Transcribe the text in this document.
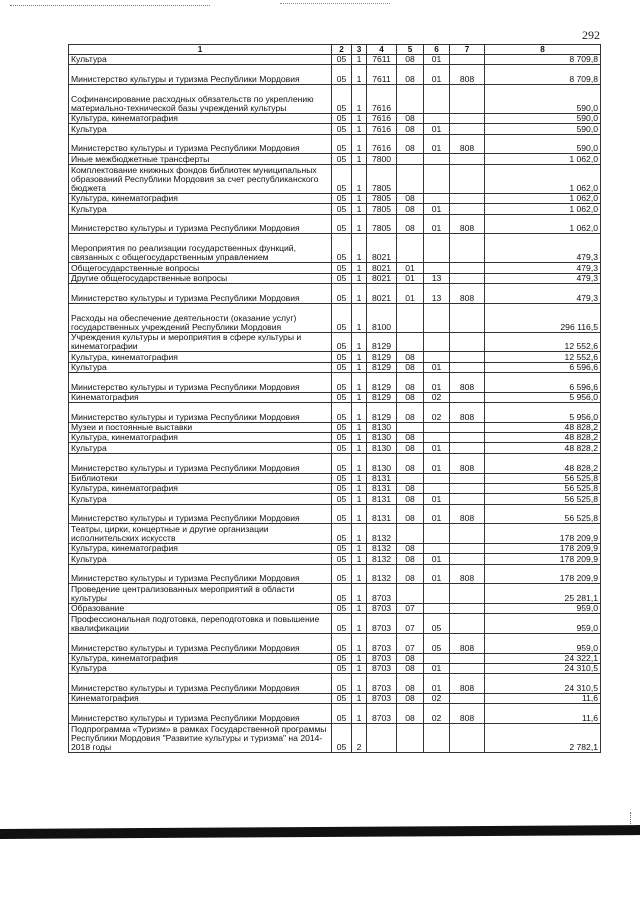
292
1	2	3	4	5	6	7	8
Культура	05	1	7611	08	01		8 709,8
Министерство культуры и туризма Республики Мордовия	05	1	7611	08	01	808	8 709,8
Софинансирование расходных обязательств по укреплению материально-технической базы учреждений культуры	05	1	7616				590,0
Культура, кинематография	05	1	7616	08			590,0
Культура	05	1	7616	08	01		590,0
Министерство культуры и туризма Республики Мордовия	05	1	7616	08	01	808	590,0
Иные межбюджетные трансферты	05	1	7800				1 062,0
Комплектование книжных фондов библиотек муниципальных образований Республики Мордовия за счет республиканского бюджета	05	1	7805				1 062,0
Культура, кинематография	05	1	7805	08			1 062,0
Культура	05	1	7805	08	01		1 062,0
Министерство культуры и туризма Республики Мордовия	05	1	7805	08	01	808	1 062,0
Мероприятия по реализации государственных функций, связанных с общегосударственным управлением	05	1	8021				479,3
Общегосударственные вопросы	05	1	8021	01			479,3
Другие общегосударственные вопросы	05	1	8021	01	13		479,3
Министерство культуры и туризма Республики Мордовия	05	1	8021	01	13	808	479,3
Расходы на обеспечение деятельности (оказание услуг) государственных учреждений Республики Мордовия	05	1	8100				296 116,5
Учреждения культуры и мероприятия в сфере культуры и кинематографии	05	1	8129				12 552,6
Культура, кинематография	05	1	8129	08			12 552,6
Культура	05	1	8129	08	01		6 596,6
Министерство культуры и туризма Республики Мордовия	05	1	8129	08	01	808	6 596,6
Кинематография	05	1	8129	08	02		5 956,0
Министерство культуры и туризма Республики Мордовия	05	1	8129	08	02	808	5 956,0
Музеи и постоянные выставки	05	1	8130				48 828,2
Культура, кинематография	05	1	8130	08			48 828,2
Культура	05	1	8130	08	01		48 828,2
Министерство культуры и туризма Республики Мордовия	05	1	8130	08	01	808	48 828,2
Библиотеки	05	1	8131				56 525,8
Культура, кинематография	05	1	8131	08			56 525,8
Культура	05	1	8131	08	01		56 525,8
Министерство культуры и туризма Республики Мордовия	05	1	8131	08	01	808	56 525,8
Театры, цирки, концертные и другие организации исполнительских искусств	05	1	8132				178 209,9
Культура, кинематография	05	1	8132	08			178 209,9
Культура	05	1	8132	08	01		178 209,9
Министерство культуры и туризма Республики Мордовия	05	1	8132	08	01	808	178 209,9
Проведение централизованных мероприятий в области культуры	05	1	8703				25 281,1
Образование	05	1	8703	07			959,0
Профессиональная подготовка, переподготовка и повышение квалификации	05	1	8703	07	05		959,0
Министерство культуры и туризма Республики Мордовия	05	1	8703	07	05	808	959,0
Культура, кинематография	05	1	8703	08			24 322,1
Культура	05	1	8703	08	01		24 310,5
Министерство культуры и туризма Республики Мордовия	05	1	8703	08	01	808	24 310,5
Кинематография	05	1	8703	08	02		11,6
Министерство культуры и туризма Республики Мордовия	05	1	8703	08	02	808	11,6
Подпрограмма «Туризм» в рамках Государственной программы Республики Мордовия "Развитие культуры и туризма" на 2014-2018 годы	05	2					2 782,1
